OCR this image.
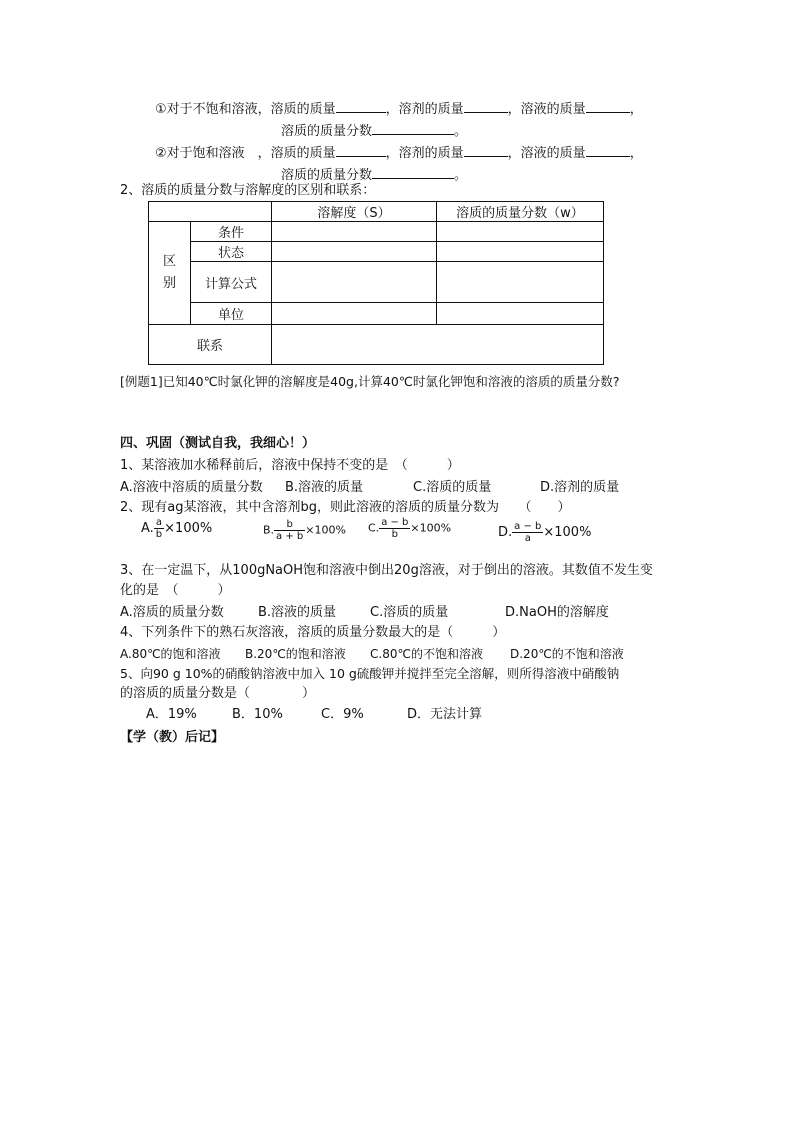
①对于不饱和溶液，溶质的质量	，溶剂的质量	，溶液的质量	，
溶质的质量分数	。
②对于饱和溶液　，溶质的质量	，溶剂的质量	，溶液的质量	，
溶质的质量分数	。
2、溶质的质量分数与溶解度的区别和联系：
		溶解度（S）	溶质的质量分数（w）
区
别	条件		
	状态		
	计算公式		
	单位		
联系			
[例题1]已知40℃时氯化钾的溶解度是40g,计算40℃时氯化钾饱和溶液的溶质的质量分数?
四、巩固（测试自我，我细心！）
1、某溶液加水稀释前后，溶液中保持不变的是　（　　　）
A.溶液中溶质的质量分数 B.溶液的质量	C.溶质的质量	D.溶剂的质量
2、现有ag某溶液，其中含溶剂bg，则此溶液的溶质的质量分数为　　（　　）
A. $\frac{a}{b} \times 100\%$	B. $\frac{b}{a + b} \times 100\%$ C. $\frac{a - b}{b} \times 100\%$	D. $\frac{a - b}{a} \times 100\%$
3、在一定温下，从100gNaOH饱和溶液中倒出20g溶液，对于倒出的溶液。其数值不发生变
化的是　（　　　）
A.溶质的质量分数	B.溶液的质量	C.溶质的质量	D.NaOH的溶解度
4、下列条件下的熟石灰溶液，溶质的质量分数最大的是（　　　）
A.80℃的饱和溶液 B.20℃的饱和溶液 C.80℃的不饱和溶液 D.20℃的不饱和溶液
5、向90 g 10%的硝酸钠溶液中加入 10 g硫酸钾并搅拌至完全溶解，则所得溶液中硝酸钠
的溶质的质量分数是（　　　　）
A．19%	B．10%	C．9%	D．无法计算
【学（教）后记】
